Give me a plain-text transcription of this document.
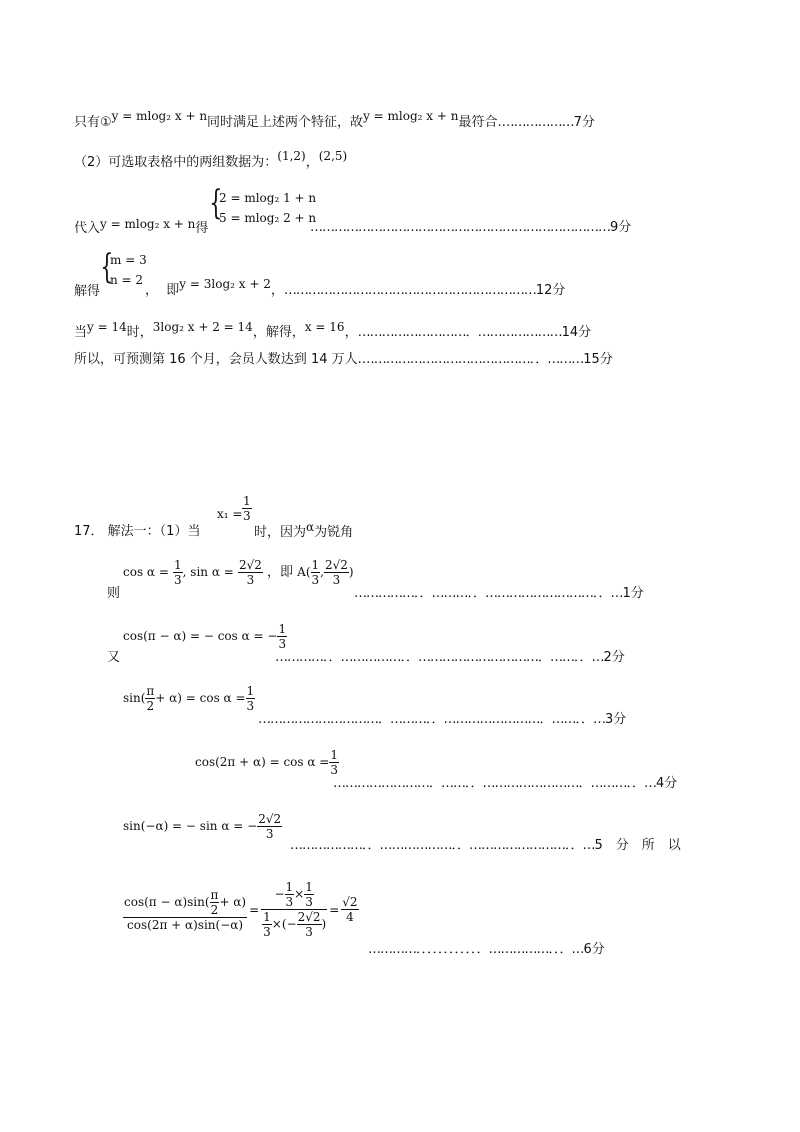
只有①y = mlog₂ x + n同时满足上述两个特征，故y = mlog₂ x + n最符合.………………7分
（2）可选取表格中的两组数据为：(1,2)，(2,5)
代入y = mlog₂ x + n得
{
2 = mlog₂ 1 + n
5 = mlog₂ 2 + n
…………………………………………………………………9分
{
m = 3
n = 2
解得	， 即y = 3log₂ x + 2，………………………………………………………12分
当y = 14时，3log₂ x + 2 = 14，解得，x = 16，………………………．…………………14分
所以，可预测第 16 个月，会员人数达到 14 万人.……………………………………．．………15分
17． 解法一：（1）当
$x_1 = \frac{1}{3}$
时，因为α为锐角
则
$\cos \alpha = \frac{1}{3}$ , $\sin \alpha = \frac{2√2}{3}$ ，即 $A( \frac{1}{3}$ , $\frac{2√2}{3}$ )
……………．．………．．………………………．．…1分
又
cos(π − α) = − cos α = − $\frac{1}{3}$
…………．．……………．．…………………………．……．．…2分
$\sin( \frac{\pi}{2} + \alpha) = \cos \alpha = \frac{1}{3}$
…………………………．………．．……………………．……．．…3分
$\cos(2\pi + \alpha) = \cos \alpha = \frac{1}{3}$
……………………．……．．……………………．………．．…4分
sin(−α) = − sin α = − $\frac{2√2}{3}$
………………．．………………．．……………………．．…5　分　所　以
$\frac{\cos(\pi - \alpha)\sin( \frac{\pi}{2} + \alpha)}{\cos(2\pi + \alpha)\sin(-\alpha)} = \frac{- \frac{1}{3} \times \frac{1}{3}}{\frac{1}{3} \times(- \frac{2√2}{3} )} = \frac{√2}{4}$
…………．．．．．．．．．．．．……………．．．…6分
